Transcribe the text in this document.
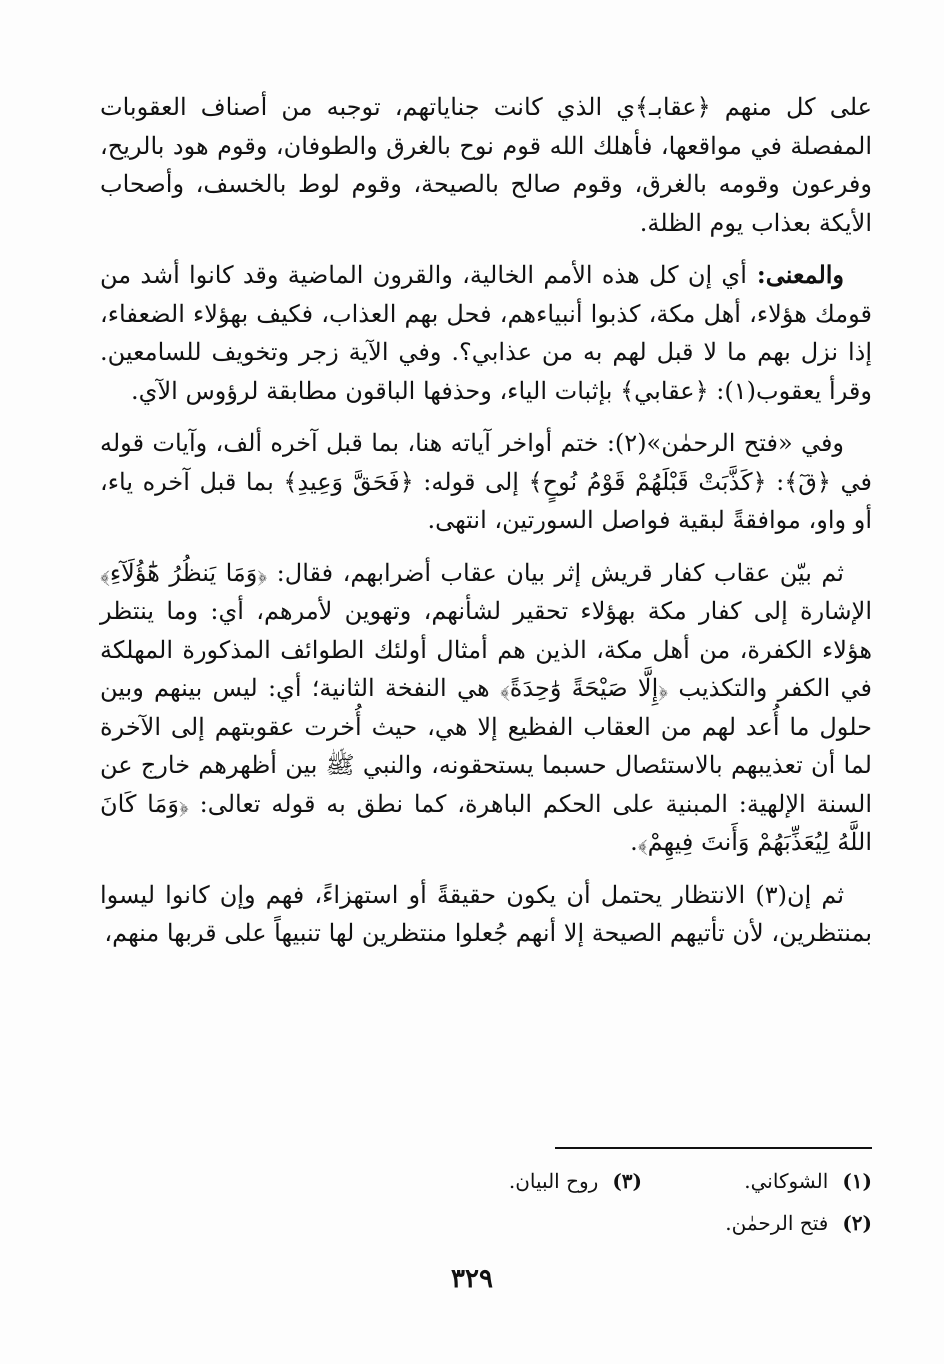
على كل منهم ﴿عقابـ﴾ي الذي كانت جناياتهم، توجبه من أصناف العقوبات المفصلة في مواقعها، فأهلك الله قوم نوح بالغرق والطوفان، وقوم هود بالريح، وفرعون وقومه بالغرق، وقوم صالح بالصيحة، وقوم لوط بالخسف، وأصحاب الأيكة بعذاب يوم الظلة.

والمعنى: أي إن كل هذه الأمم الخالية، والقرون الماضية وقد كانوا أشد من قومك هؤلاء، أهل مكة، كذبوا أنبياءهم، فحل بهم العذاب، فكيف بهؤلاء الضعفاء، إذا نزل بهم ما لا قبل لهم به من عذابي؟. وفي الآية زجر وتخويف للسامعين. وقرأ يعقوب(١): ﴿عقابي﴾ بإثبات الياء، وحذفها الباقون مطابقة لرؤوس الآي.

وفي «فتح الرحمٰن»(٢): ختم أواخر آياته هنا، بما قبل آخره ألف، وآيات قوله في ﴿قٓ﴾: ﴿كَذَّبَتْ قَبْلَهُمْ قَوْمُ نُوحٍ﴾ إلى قوله: ﴿فَحَقَّ وَعِيدِ﴾ بما قبل آخره ياء، أو واو، موافقةً لبقية فواصل السورتين، انتهى.

ثم بيّن عقاب كفار قريش إثر بيان عقاب أضرابهم، فقال: ﴿وَمَا يَنظُرُ هَٰٓؤُلَآءِ﴾ الإشارة إلى كفار مكة بهؤلاء تحقير لشأنهم، وتهوين لأمرهم، أي: وما ينتظر هؤلاء الكفرة، من أهل مكة، الذين هم أمثال أولئك الطوائف المذكورة المهلكة في الكفر والتكذيب ﴿إِلَّا صَيْحَةً وَٰحِدَةً﴾ هي النفخة الثانية؛ أي: ليس بينهم وبين حلول ما أُعد لهم من العقاب الفظيع إلا هي، حيث أُخرت عقوبتهم إلى الآخرة لما أن تعذيبهم بالاستئصال حسبما يستحقونه، والنبي ﷺ بين أظهرهم خارج عن السنة الإلهية: المبنية على الحكم الباهرة، كما نطق به قوله تعالى: ﴿وَمَا كَانَ اللَّهُ لِيُعَذِّبَهُمْ وَأَنتَ فِيهِمْ﴾.

ثم إن(٣) الانتظار يحتمل أن يكون حقيقةً أو استهزاءً، فهم وإن كانوا ليسوا بمنتظرين، لأن تأتيهم الصيحة إلا أنهم جُعلوا منتظرين لها تنبيهاً على قربها منهم،

(١)الشوكاني.
(٣)روح البيان.
(٢)فتح الرحمٰن.
٣٢٩
